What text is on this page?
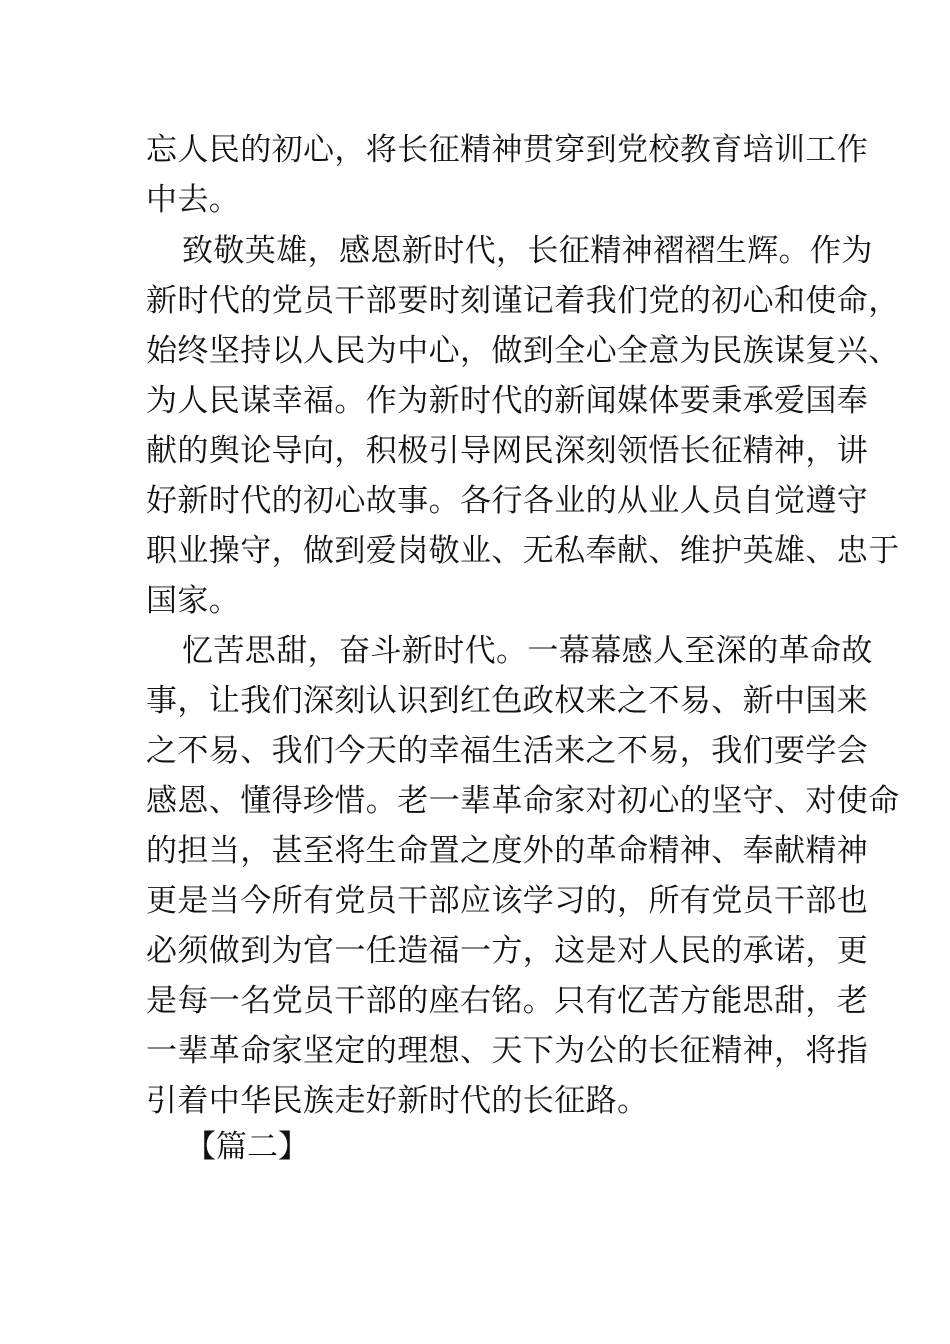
忘人民的初心，将长征精神贯穿到党校教育培训工作
中去。
致敬英雄，感恩新时代，长征精神褶褶生辉。作为
新时代的党员干部要时刻谨记着我们党的初心和使命，
始终坚持以人民为中心，做到全心全意为民族谋复兴、
为人民谋幸福。作为新时代的新闻媒体要秉承爱国奉
献的舆论导向，积极引导网民深刻领悟长征精神，讲
好新时代的初心故事。各行各业的从业人员自觉遵守
职业操守，做到爱岗敬业、无私奉献、维护英雄、忠于
国家。
忆苦思甜，奋斗新时代。一幕幕感人至深的革命故
事，让我们深刻认识到红色政权来之不易、新中国来
之不易、我们今天的幸福生活来之不易，我们要学会
感恩、懂得珍惜。老一辈革命家对初心的坚守、对使命
的担当，甚至将生命置之度外的革命精神、奉献精神
更是当今所有党员干部应该学习的，所有党员干部也
必须做到为官一任造福一方，这是对人民的承诺，更
是每一名党员干部的座右铭。只有忆苦方能思甜，老
一辈革命家坚定的理想、天下为公的长征精神，将指
引着中华民族走好新时代的长征路。
【篇二】
